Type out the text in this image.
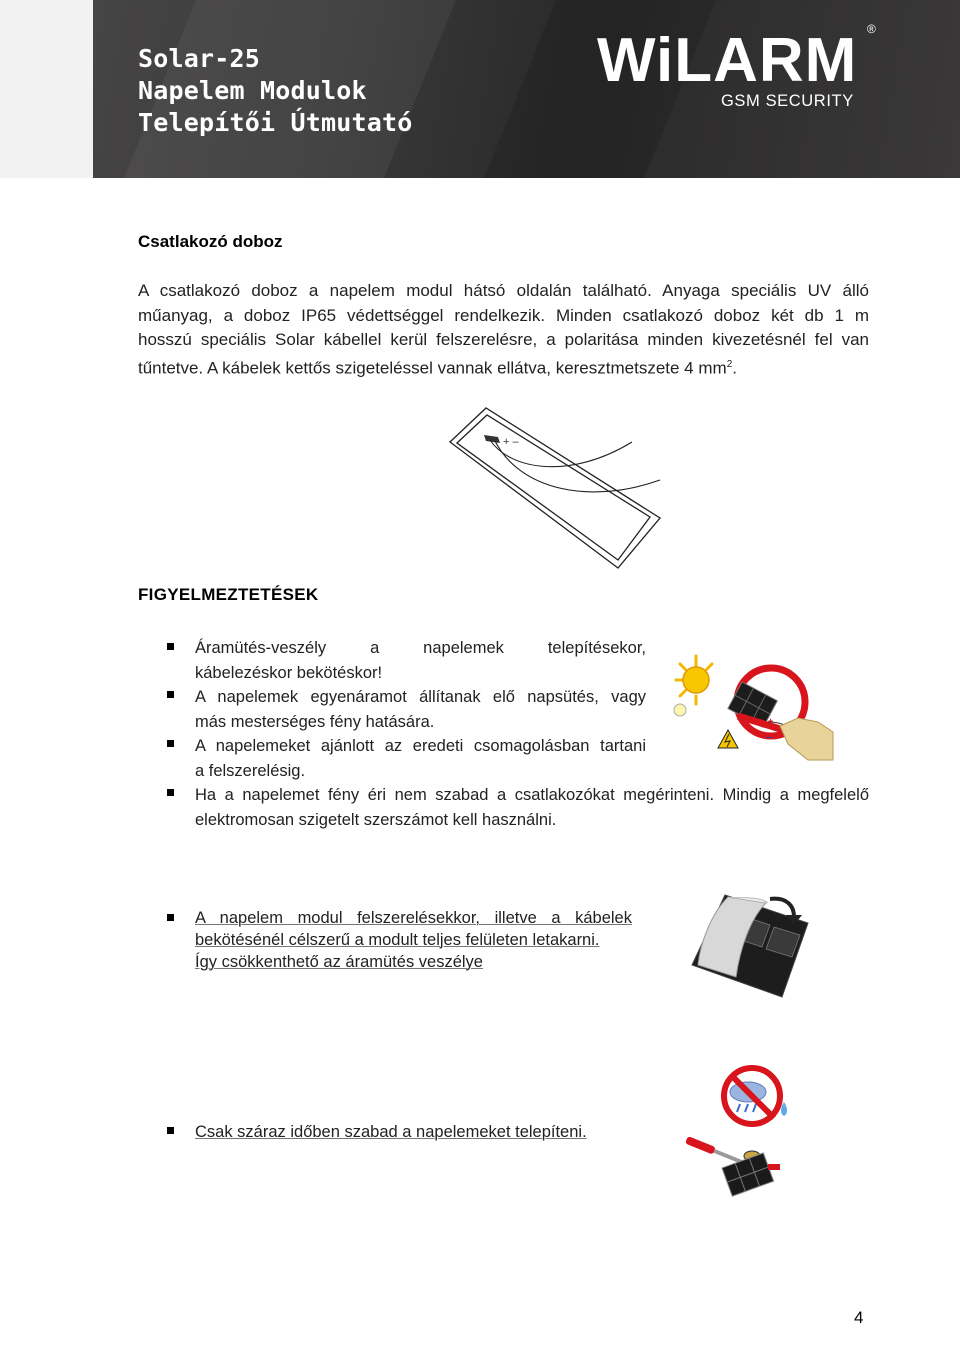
Solar-25
Napelem Modulok
Telepítői Útmutató
WiLARM ®
GSM SECURITY
Csatlakozó doboz
A csatlakozó doboz a napelem modul hátsó oldalán található. Anyaga speciális UV álló
műanyag, a doboz IP65 védettséggel rendelkezik. Minden csatlakozó doboz két db 1 m
hosszú speciális Solar kábellel kerül felszerelésre, a polaritása minden kivezetésnél fel van
tűntetve. A kábelek kettős szigeteléssel vannak ellátva, keresztmetszete 4 $mm^2$.
+ –
FIGYELMEZTETÉSEK
Áramütés-veszély a napelemek telepítésekor,
kábelezéskor bekötéskor!
A napelemek egyenáramot állítanak elő napsütés, vagy
más mesterséges fény hatására.
A napelemeket ajánlott az eredeti csomagolásban tartani
a felszerelésig.
Ha a napelemet fény éri nem szabad a csatlakozókat megérinteni. Mindig a megfelelő
elektromosan szigetelt szerszámot kell használni.
+
–
A napelem modul felszerelésekkor, illetve a kábelek
bekötésénél célszerű a modult teljes felületen letakarni.
Így csökkenthető az áramütés veszélye
Csak száraz időben szabad a napelemeket telepíteni.
4
